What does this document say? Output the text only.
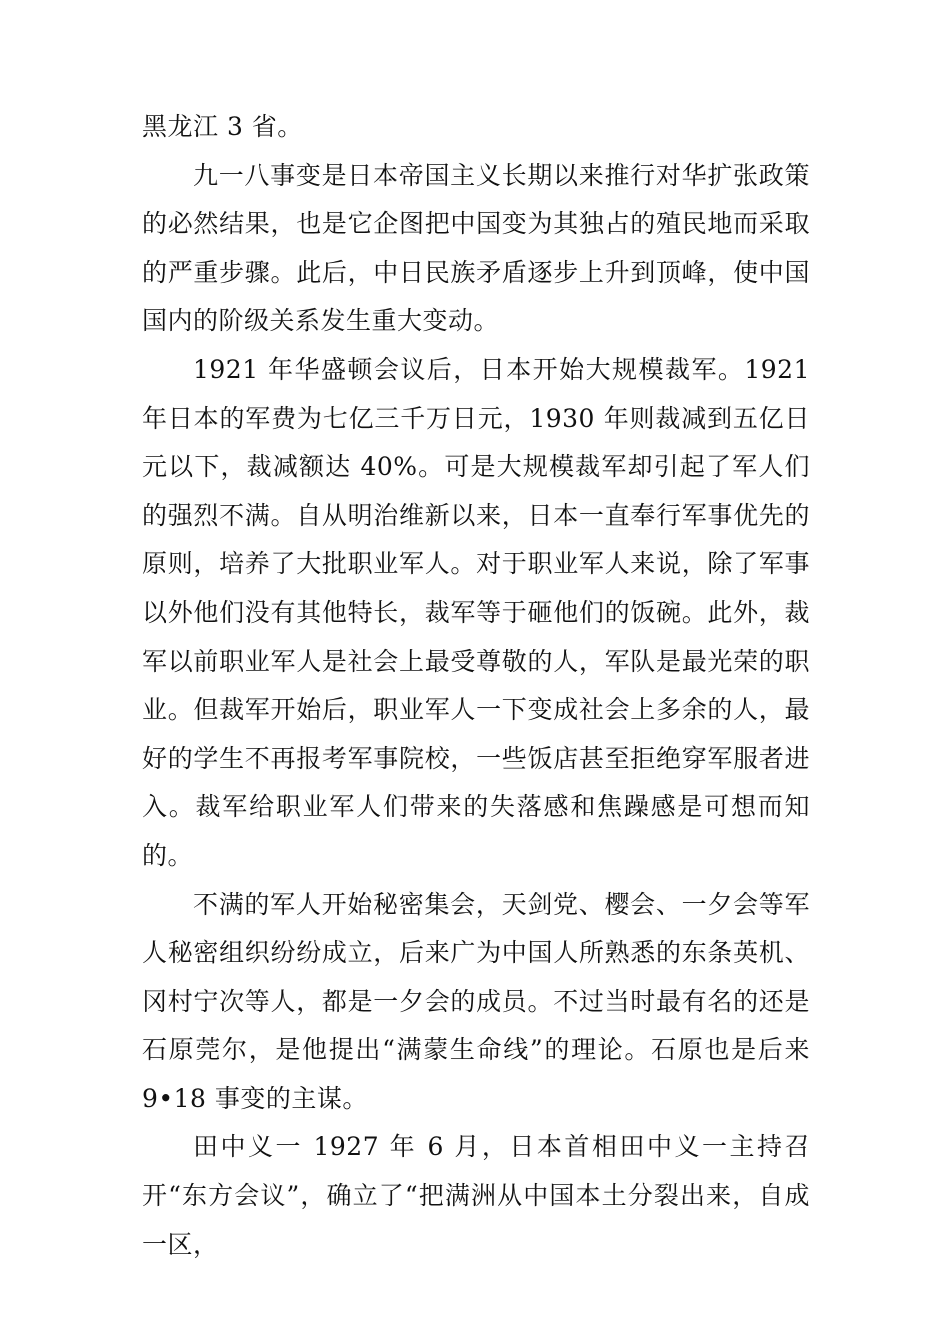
黑龙江 3 省。

九一八事变是日本帝国主义长期以来推行对华扩张政策的必然结果，也是它企图把中国变为其独占的殖民地而采取的严重步骤。此后，中日民族矛盾逐步上升到顶峰，使中国国内的阶级关系发生重大变动。

1921 年华盛顿会议后，日本开始大规模裁军。1921 年日本的军费为七亿三千万日元，1930 年则裁减到五亿日元以下，裁减额达 40%。可是大规模裁军却引起了军人们的强烈不满。自从明治维新以来，日本一直奉行军事优先的原则，培养了大批职业军人。对于职业军人来说，除了军事以外他们没有其他特长，裁军等于砸他们的饭碗。此外，裁军以前职业军人是社会上最受尊敬的人，军队是最光荣的职业。但裁军开始后，职业军人一下变成社会上多余的人，最好的学生不再报考军事院校，一些饭店甚至拒绝穿军服者进入。裁军给职业军人们带来的失落感和焦躁感是可想而知的。

不满的军人开始秘密集会，天剑党、樱会、一夕会等军人秘密组织纷纷成立，后来广为中国人所熟悉的东条英机、冈村宁次等人，都是一夕会的成员。不过当时最有名的还是石原莞尔，是他提出“满蒙生命线”的理论。石原也是后来 9•18 事变的主谋。

田中义一 1927 年 6 月，日本首相田中义一主持召开“东方会议”，确立了“把满洲从中国本土分裂出来，自成一区，
